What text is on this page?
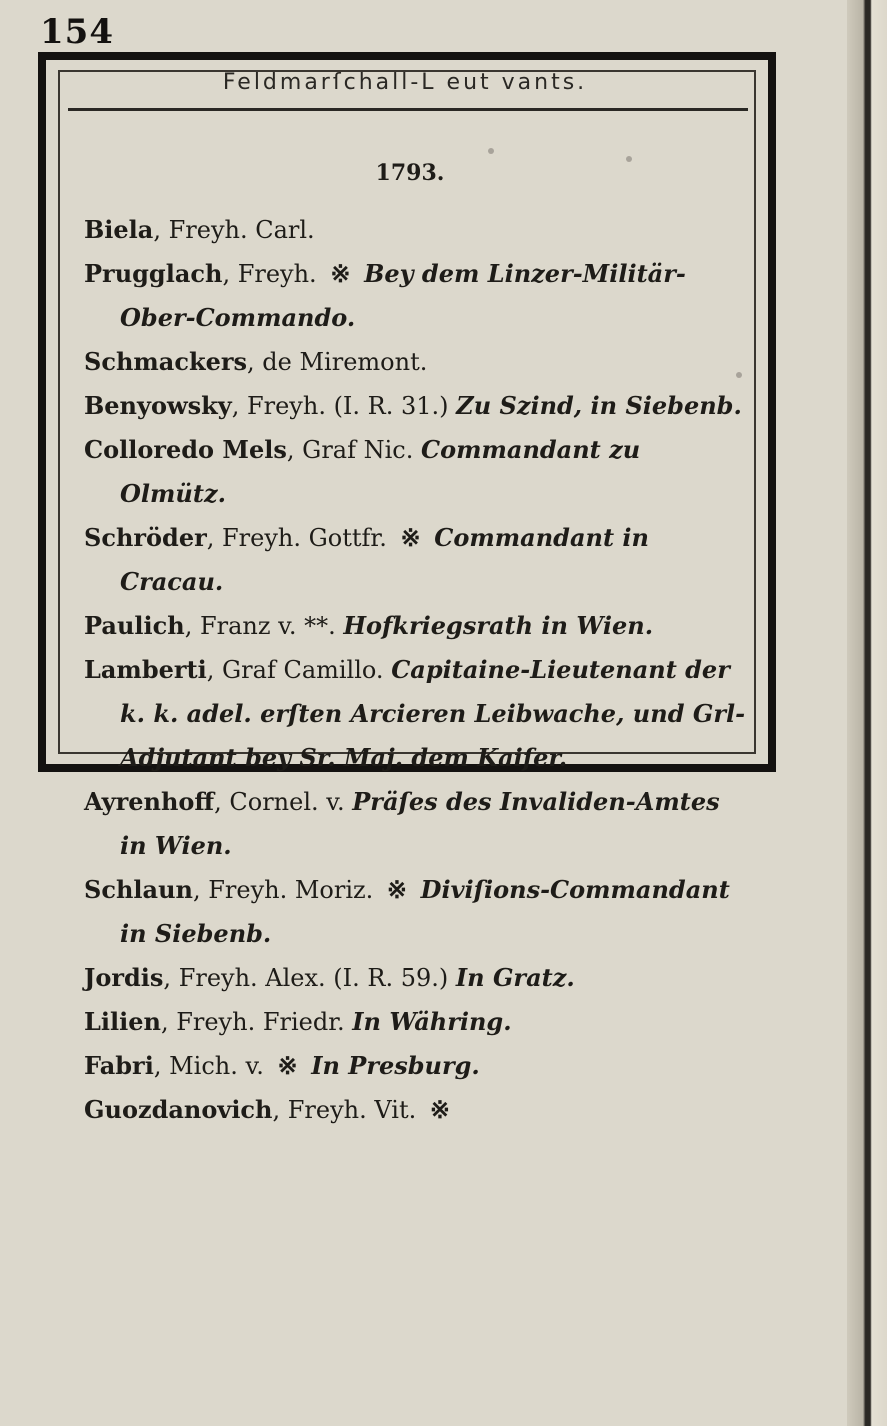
154
Feldmarſchall-L eut vants.
1793.
Biela, Freyh. Carl.
Prugglach, Freyh. ※ Bey dem Linzer-Militär-Ober-Commando.
Schmackers, de Miremont.
Benyowsky, Freyh. (I. R. 31.) Zu Szind, in Siebenb.
Colloredo Mels, Graf Nic. Commandant zu Olmütz.
Schröder, Freyh. Gottfr. ※ Commandant in Cracau.
Paulich, Franz v. **. Hofkriegsrath in Wien.
Lamberti, Graf Camillo. Capitaine-Lieutenant der k. k. adel. erſten Arcieren Leibwache, und Grl-Adjutant bey Sr. Maj. dem Kaiſer.
Ayrenhoff, Cornel. v. Präſes des Invaliden-Amtes in Wien.
Schlaun, Freyh. Moriz. ※ Diviſions-Commandant in Siebenb.
Jordis, Freyh. Alex. (I. R. 59.) In Gratz.
Lilien, Freyh. Friedr. In Währing.
Fabri, Mich. v. ※ In Presburg.
Guozdanovich, Freyh. Vit. ※
